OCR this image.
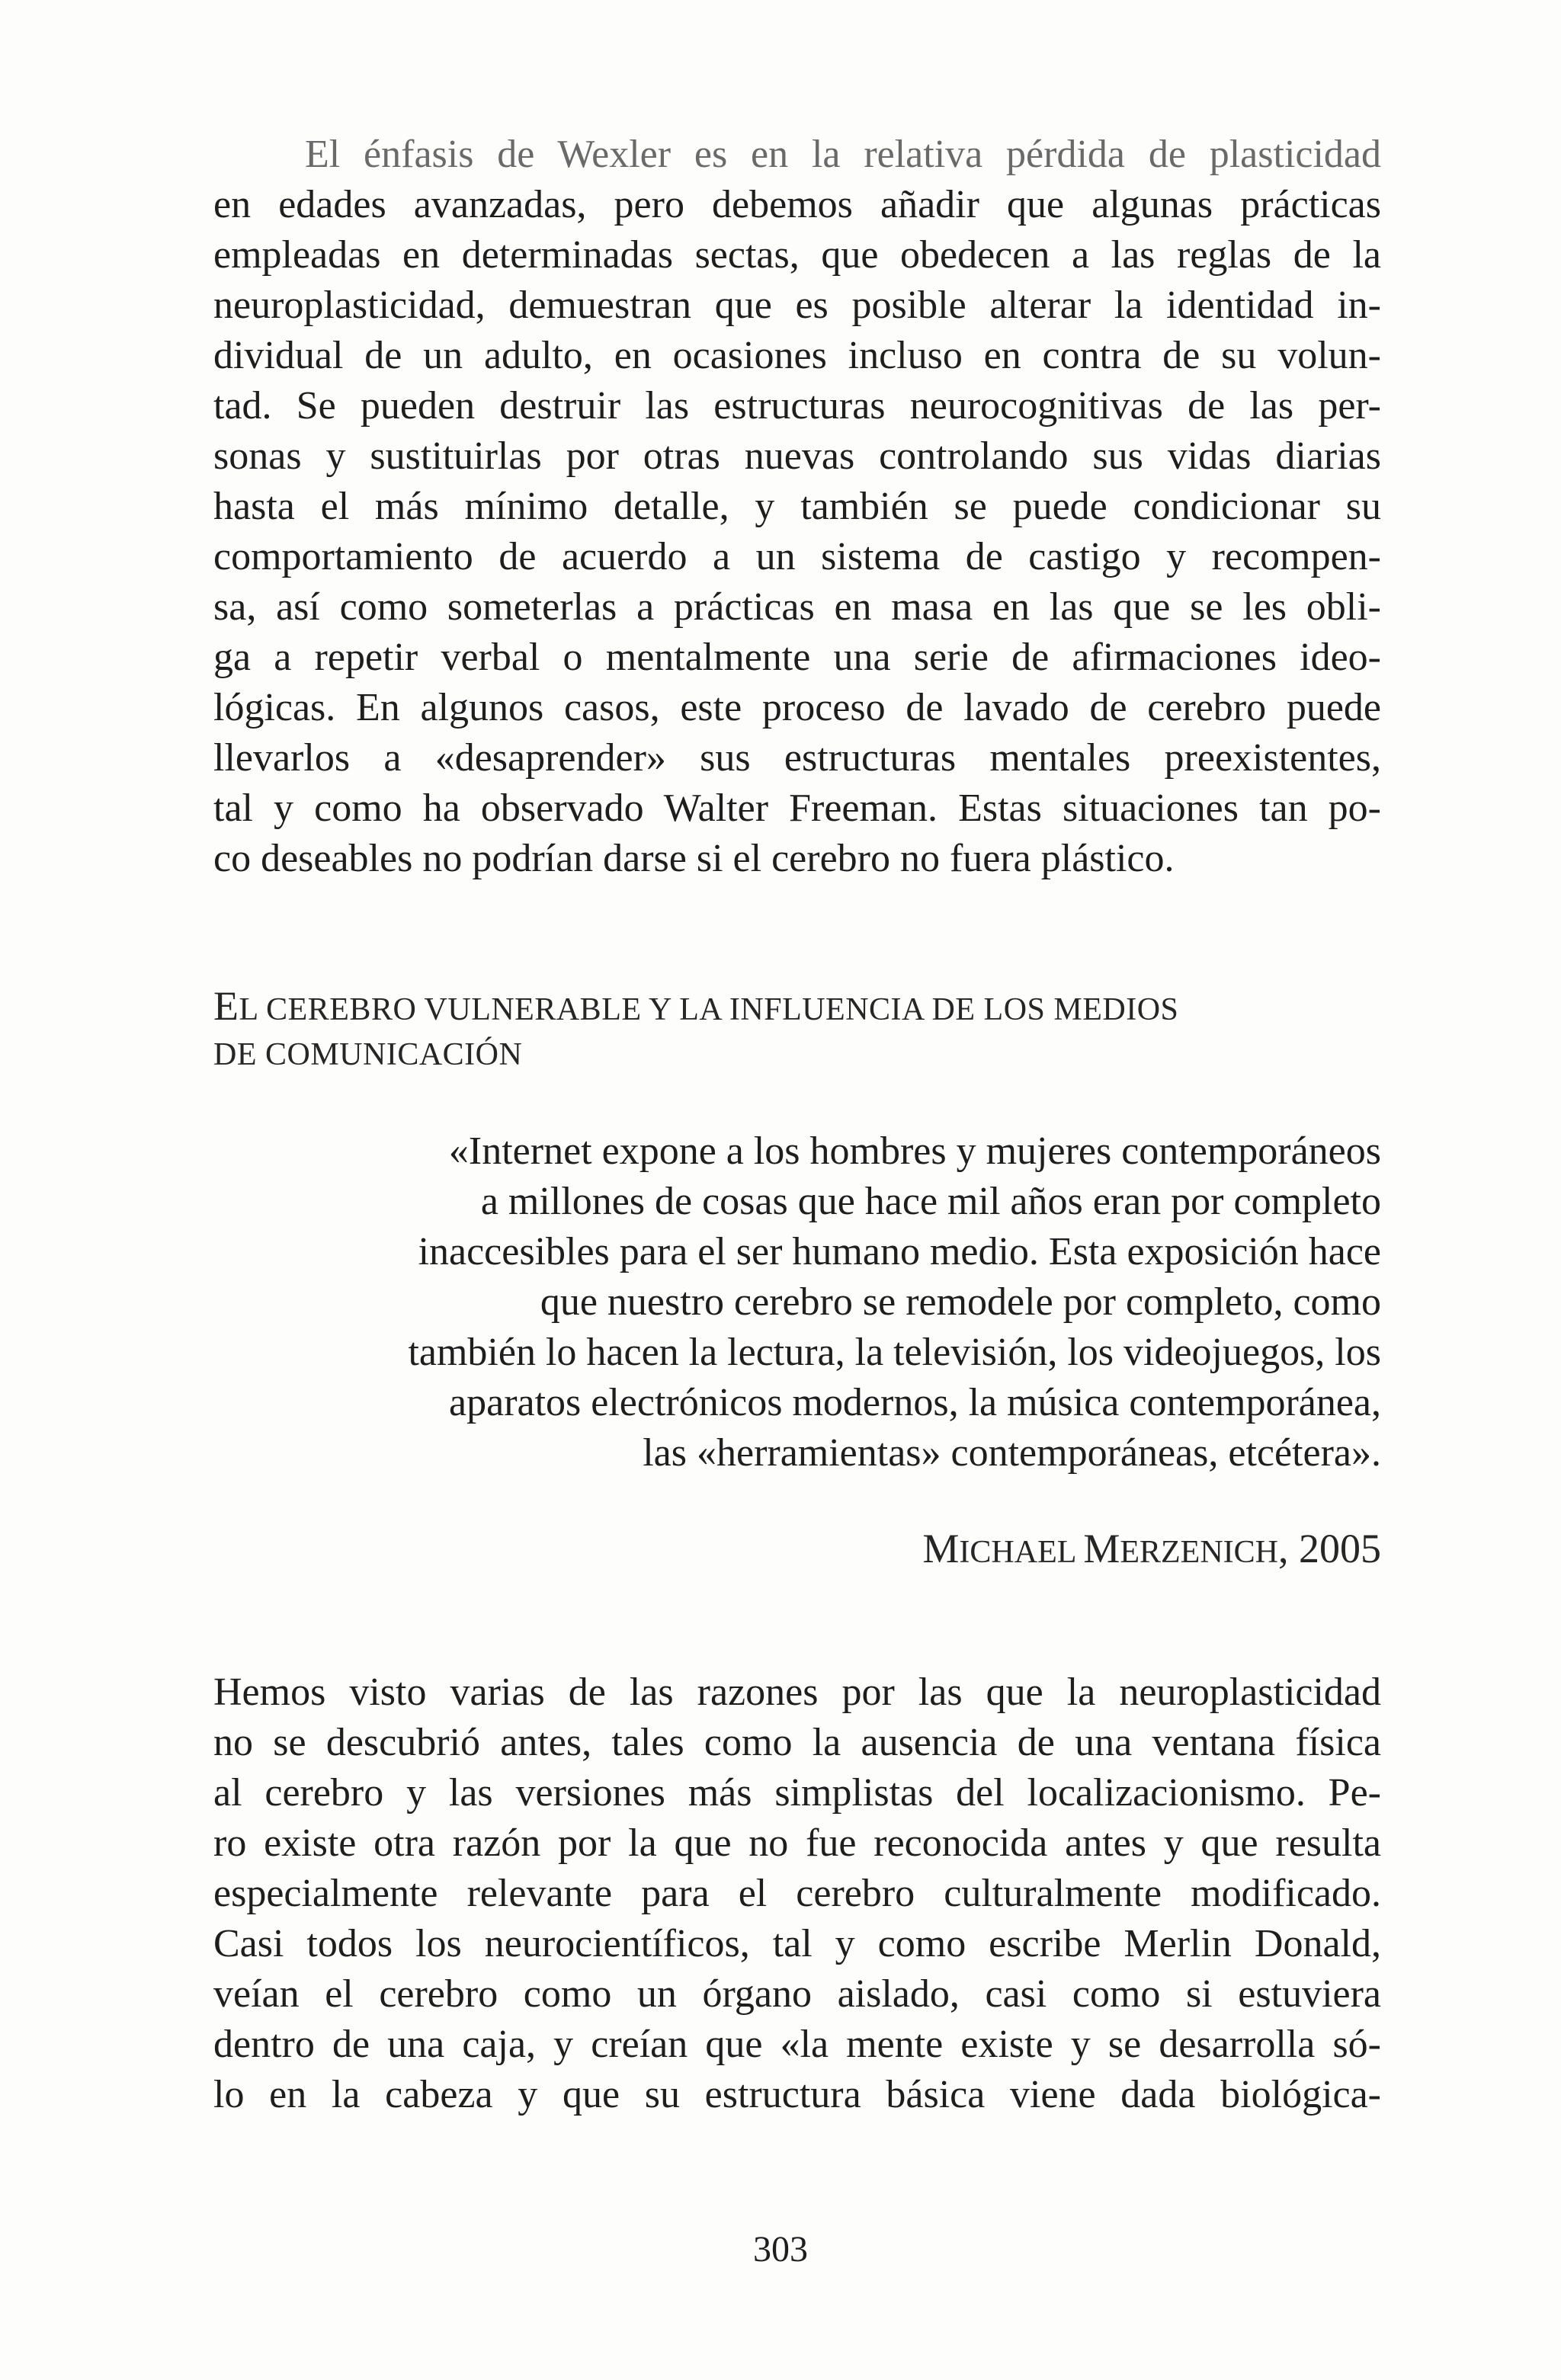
El énfasis de Wexler es en la relativa pérdida de plasticidad
en edades avanzadas, pero debemos añadir que algunas prácticas
empleadas en determinadas sectas, que obedecen a las reglas de la
neuroplasticidad, demuestran que es posible alterar la identidad in-
dividual de un adulto, en ocasiones incluso en contra de su volun-
tad. Se pueden destruir las estructuras neurocognitivas de las per-
sonas y sustituirlas por otras nuevas controlando sus vidas diarias
hasta el más mínimo detalle, y también se puede condicionar su
comportamiento de acuerdo a un sistema de castigo y recompen-
sa, así como someterlas a prácticas en masa en las que se les obli-
ga a repetir verbal o mentalmente una serie de afirmaciones ideo-
lógicas. En algunos casos, este proceso de lavado de cerebro puede
llevarlos a «desaprender» sus estructuras mentales preexistentes,
tal y como ha observado Walter Freeman. Estas situaciones tan po-
co deseables no podrían darse si el cerebro no fuera plástico.
EL CEREBRO VULNERABLE Y LA INFLUENCIA DE LOS MEDIOS
DE COMUNICACIÓN
«Internet expone a los hombres y mujeres contemporáneos
a millones de cosas que hace mil años eran por completo
inaccesibles para el ser humano medio. Esta exposición hace
que nuestro cerebro se remodele por completo, como
también lo hacen la lectura, la televisión, los videojuegos, los
aparatos electrónicos modernos, la música contemporánea,
las «herramientas» contemporáneas, etcétera».
MICHAEL MERZENICH, 2005
Hemos visto varias de las razones por las que la neuroplasticidad
no se descubrió antes, tales como la ausencia de una ventana física
al cerebro y las versiones más simplistas del localizacionismo. Pe-
ro existe otra razón por la que no fue reconocida antes y que resulta
especialmente relevante para el cerebro culturalmente modificado.
Casi todos los neurocientíficos, tal y como escribe Merlin Donald,
veían el cerebro como un órgano aislado, casi como si estuviera
dentro de una caja, y creían que «la mente existe y se desarrolla só-
lo en la cabeza y que su estructura básica viene dada biológica-
303
